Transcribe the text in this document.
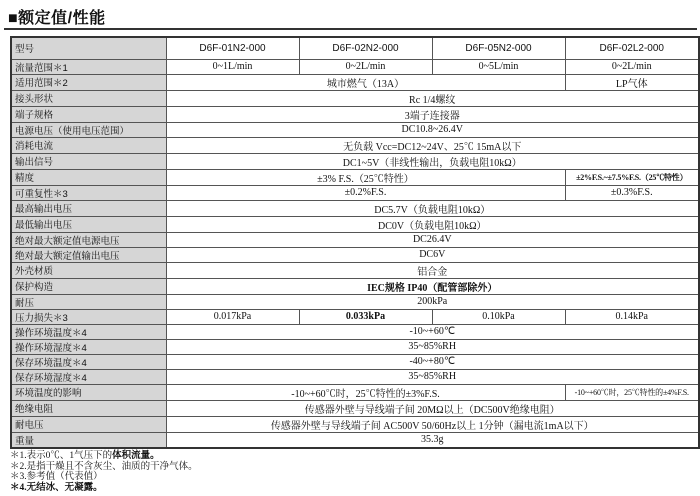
■额定值/性能
型号	D6F-01N2-000	D6F-02N2-000	D6F-05N2-000	D6F-02L2-000
流量范围＊1	0~1L/min	0~2L/min	0~5L/min	0~2L/min
适用范围＊2	城市燃气（13A）			LP气体
接头形状	Rc 1/4螺纹			
端子规格	3端子连接器			
电源电压（使用电压范围）	DC10.8~26.4V			
消耗电流	无负载 Vcc=DC12~24V、25℃ 15mA以下			
输出信号	DC1~5V（非线性输出，负载电阻10kΩ）			
精度	±3% F.S.（25℃特性）			±2%F.S.~±7.5%F.S.（25℃特性）
可重复性＊3	±0.2%F.S.			±0.3%F.S.
最高输出电压	DC5.7V（负载电阻10kΩ）			
最低输出电压	DC0V（负载电阻10kΩ）			
绝对最大额定值电源电压	DC26.4V			
绝对最大额定值输出电压	DC6V			
外壳材质	铝合金			
保护构造	IEC规格 IP40（配管部除外）			
耐压	200kPa			
压力损失＊3	0.017kPa	0.033kPa	0.10kPa	0.14kPa
操作环境温度＊4	-10~+60℃			
操作环境湿度＊4	35~85%RH			
保存环境温度＊4	-40~+80℃			
保存环境湿度＊4	35~85%RH			
环境温度的影响	-10~+60℃时，25℃特性的±3%F.S.			-10~+60℃时，25℃特性的±4%F.S.
绝缘电阻	传感器外壁与导线端子间 20MΩ以上（DC500V绝缘电阻）			
耐电压	传感器外壁与导线端子间 AC500V 50/60Hz以上 1分钟（漏电流1mA以下）			
重量	35.3g			
＊1.表示0℃、1气压下的体积流量。
＊2.是指干燥且不含灰尘、油质的干净气体。
＊3.参考值（代表值）
＊4.无结冰、无凝露。
